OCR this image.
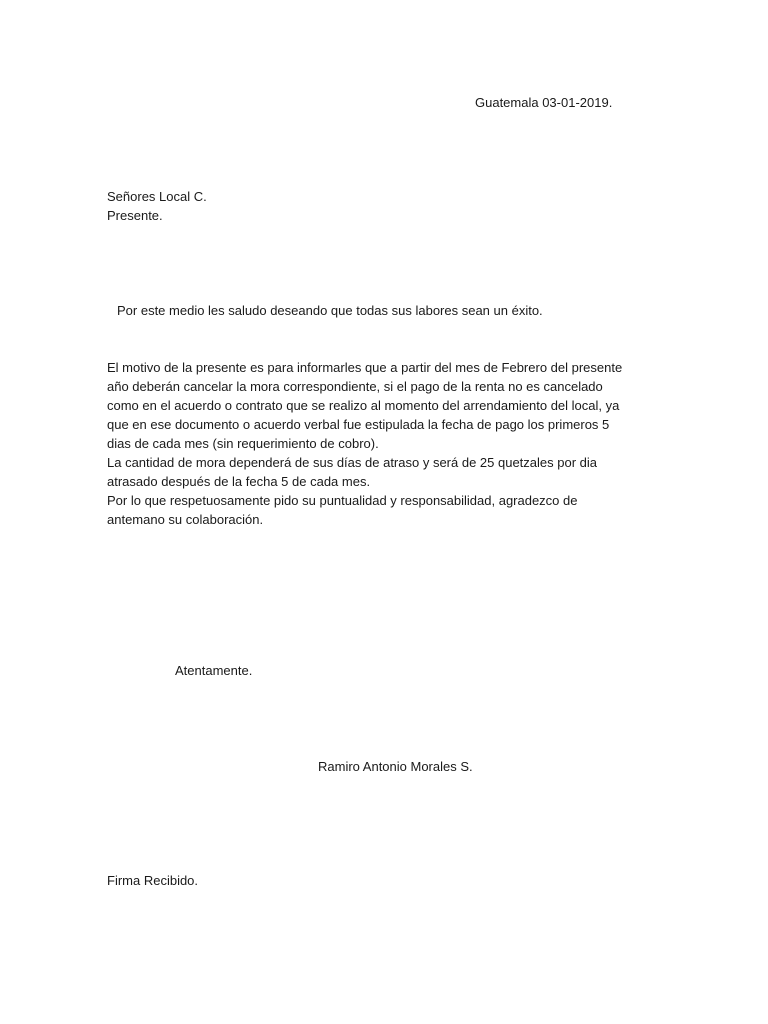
Guatemala 03-01-2019.
Señores Local C.
Presente.
Por este medio les saludo deseando que todas sus labores sean un éxito.
El motivo de la presente es para informarles que a partir del mes de Febrero del presente
año deberán cancelar la mora correspondiente, si el pago de la renta no es cancelado
como en el acuerdo o contrato que se realizo al momento del arrendamiento del local, ya
que en ese documento o acuerdo verbal fue estipulada la fecha de pago los primeros 5
dias de cada mes (sin requerimiento de cobro).
La cantidad de mora dependerá de sus días de atraso y será de 25 quetzales por dia
atrasado después de la fecha 5 de cada mes.
Por lo que respetuosamente pido su puntualidad y responsabilidad, agradezco de
antemano su colaboración.
Atentamente.
Ramiro Antonio Morales S.
Firma Recibido.
